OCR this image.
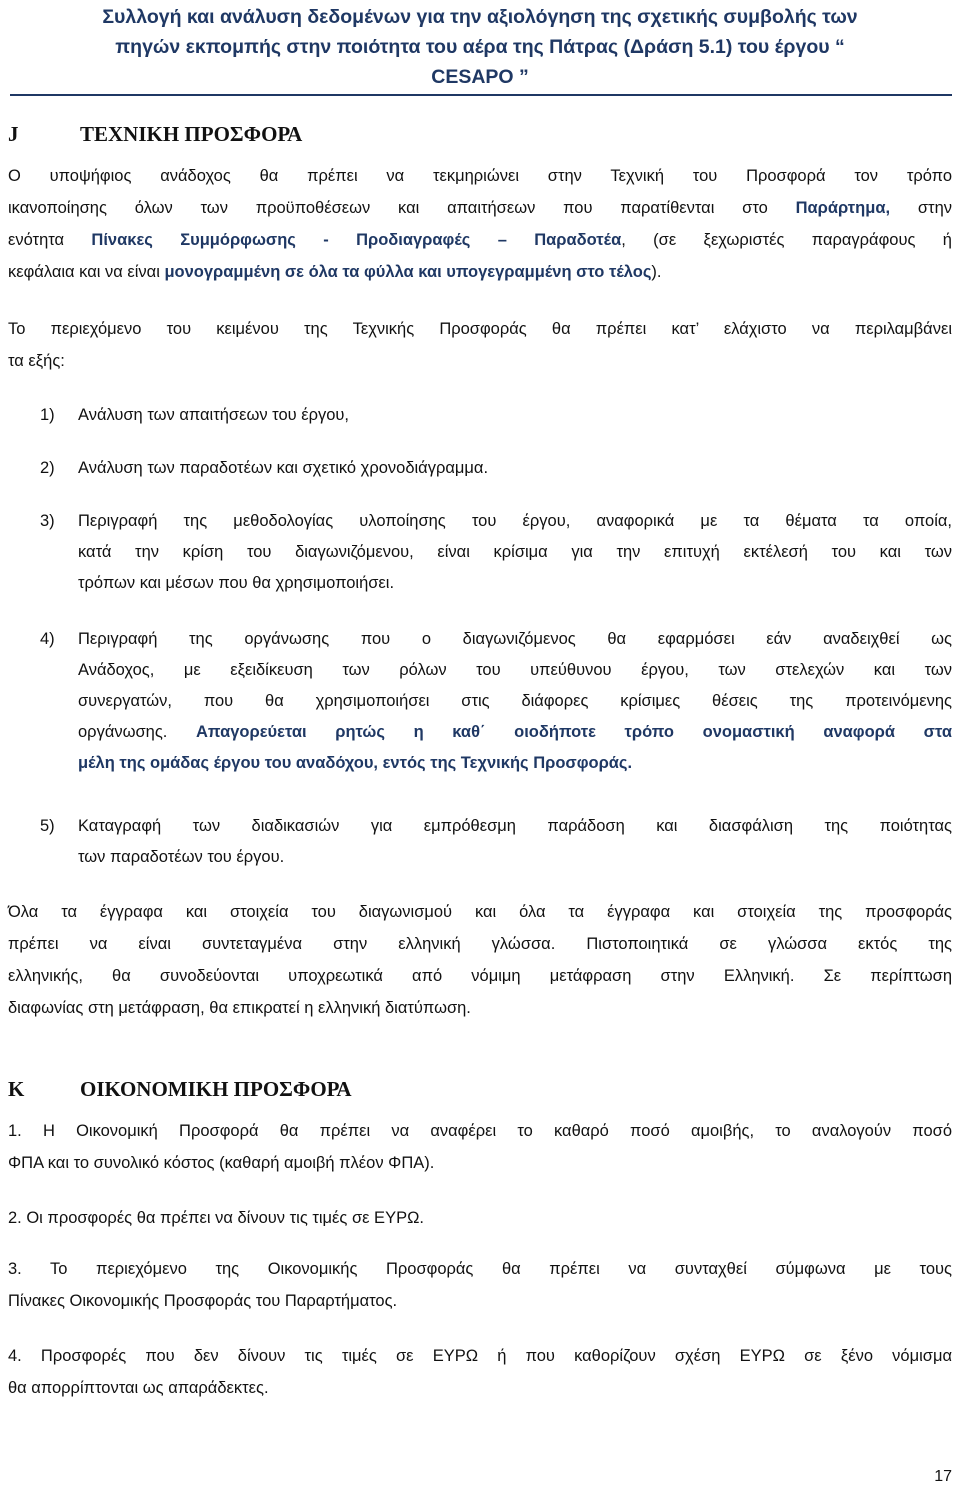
Συλλογή και ανάλυση δεδομένων για την αξιολόγηση της σχετικής συμβολής των
πηγών εκπομπής στην ποιότητα του αέρα της Πάτρας (Δράση 5.1) του έργου “
CESAPO ”
J	ΤΕΧΝΙΚΗ ΠΡΟΣΦΟΡΑ
Ο υποψήφιος ανάδοχος θα πρέπει να τεκμηριώνει στην Τεχνική του Προσφορά τον τρόπο
ικανοποίησης όλων των προϋποθέσεων και απαιτήσεων που παρατίθενται στο Παράρτημα, στην
ενότητα Πίνακες Συμμόρφωσης - Προδιαγραφές – Παραδοτέα, (σε ξεχωριστές παραγράφους ή
κεφάλαια και να είναι μονογραμμένη σε όλα τα φύλλα και υπογεγραμμένη στο τέλος).
Το περιεχόμενο του κειμένου της Τεχνικής Προσφοράς θα πρέπει κατ’ ελάχιστο να περιλαμβάνει
τα εξής:
1)	Ανάλυση των απαιτήσεων του έργου,
2)	Ανάλυση των παραδοτέων και σχετικό χρονοδιάγραμμα.
3)	Περιγραφή της μεθοδολογίας υλοποίησης του έργου, αναφορικά με τα θέματα τα οποία,
κατά την κρίση του διαγωνιζόμενου, είναι κρίσιμα για την επιτυχή εκτέλεσή του και των
τρόπων και μέσων που θα χρησιμοποιήσει.
4)	Περιγραφή της οργάνωσης που ο διαγωνιζόμενος θα εφαρμόσει εάν αναδειχθεί ως
Ανάδοχος, με εξειδίκευση των ρόλων του υπεύθυνου έργου, των στελεχών και των
συνεργατών, που θα χρησιμοποιήσει στις διάφορες κρίσιμες θέσεις της προτεινόμενης
οργάνωσης. Απαγορεύεται ρητώς η καθ΄ οιοδήποτε τρόπο ονομαστική αναφορά στα
μέλη της ομάδας έργου του αναδόχου, εντός της Τεχνικής Προσφοράς.
5)	Καταγραφή των διαδικασιών για εμπρόθεσμη παράδοση και διασφάλιση της ποιότητας
των παραδοτέων του έργου.
Όλα τα έγγραφα και στοιχεία του διαγωνισμού και όλα τα έγγραφα και στοιχεία της προσφοράς
πρέπει να είναι συντεταγμένα στην ελληνική γλώσσα. Πιστοποιητικά σε γλώσσα εκτός της
ελληνικής, θα συνοδεύονται υποχρεωτικά από νόμιμη μετάφραση στην Ελληνική. Σε περίπτωση
διαφωνίας στη μετάφραση, θα επικρατεί η ελληνική διατύπωση.
K	ΟΙΚΟΝΟΜΙΚΗ ΠΡΟΣΦΟΡΑ
1. Η Οικονομική Προσφορά θα πρέπει να αναφέρει το καθαρό ποσό αμοιβής, το αναλογούν ποσό
ΦΠΑ και το συνολικό κόστος (καθαρή αμοιβή πλέον ΦΠΑ).
2. Οι προσφορές θα πρέπει να δίνουν τις τιμές σε ΕΥΡΩ.
3. Το περιεχόμενο της Οικονομικής Προσφοράς θα πρέπει να συνταχθεί σύμφωνα με τους
Πίνακες Οικονομικής Προσφοράς του Παραρτήματος.
4. Προσφορές που δεν δίνουν τις τιμές σε ΕΥΡΩ ή που καθορίζουν σχέση ΕΥΡΩ σε ξένο νόμισμα
θα απορρίπτονται ως απαράδεκτες.
17
